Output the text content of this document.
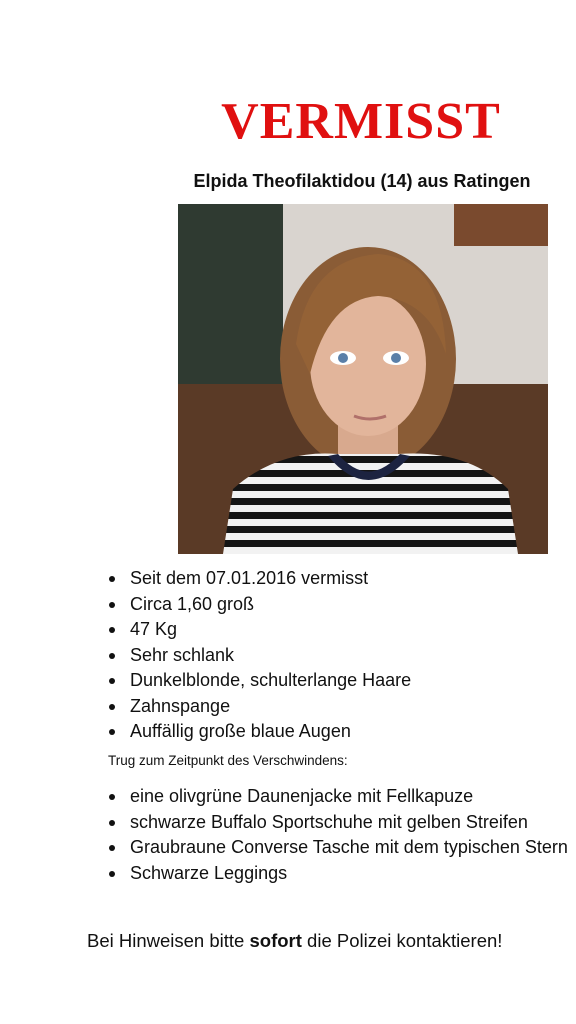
VERMISST
Elpida Theofilaktidou (14) aus Ratingen
Seit dem 07.01.2016 vermisst
Circa 1,60 groß
47 Kg
Sehr schlank
Dunkelblonde, schulterlange Haare
Zahnspange
Auffällig große blaue Augen
Trug zum Zeitpunkt des Verschwindens:
eine olivgrüne Daunenjacke mit Fellkapuze
schwarze Buffalo Sportschuhe mit gelben Streifen
Graubraune Converse Tasche mit dem typischen Stern
Schwarze Leggings
Bei Hinweisen bitte sofort die Polizei kontaktieren!
